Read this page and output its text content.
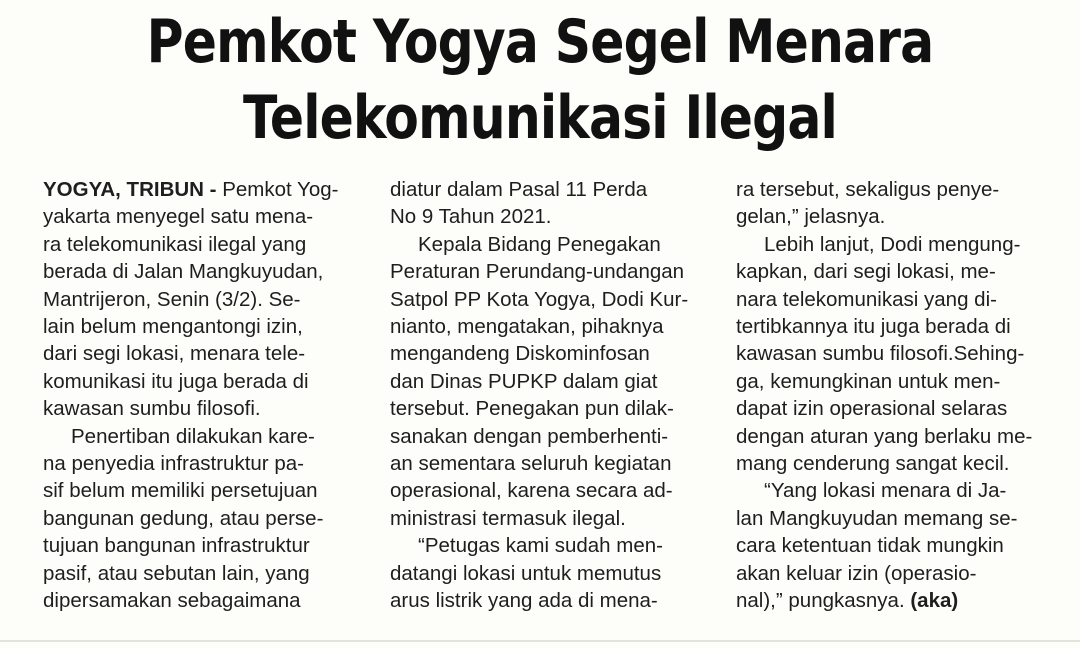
Pemkot Yogya Segel Menara
Telekomunikasi Ilegal

YOGYA, TRIBUN - Pemkot Yog-

yakarta menyegel satu mena-

ra telekomunikasi ilegal yang

berada di Jalan Mangkuyudan,

Mantrijeron, Senin (3/2). Se-

lain belum mengantongi izin,

dari segi lokasi, menara tele-

komunikasi itu juga berada di

kawasan sumbu filosofi.

Penertiban dilakukan kare-

na penyedia infrastruktur pa-

sif belum memiliki persetujuan

bangunan gedung, atau perse-

tujuan bangunan infrastruktur

pasif, atau sebutan lain, yang

dipersamakan sebagaimana

diatur dalam Pasal 11 Perda

No 9 Tahun 2021.

Kepala Bidang Penegakan

Peraturan Perundang-undangan

Satpol PP Kota Yogya, Dodi Kur-

nianto, mengatakan, pihaknya

mengandeng Diskominfosan

dan Dinas PUPKP dalam giat

tersebut. Penegakan pun dilak-

sanakan dengan pemberhenti-

an sementara seluruh kegiatan

operasional, karena secara ad-

ministrasi termasuk ilegal.

“Petugas kami sudah men-

datangi lokasi untuk memutus

arus listrik yang ada di mena-

ra tersebut, sekaligus penye-

gelan,” jelasnya.

Lebih lanjut, Dodi mengung-

kapkan, dari segi lokasi, me-

nara telekomunikasi yang di-

tertibkannya itu juga berada di

kawasan sumbu filosofi.Sehing-

ga, kemungkinan untuk men-

dapat izin operasional selaras

dengan aturan yang berlaku me-

mang cenderung sangat kecil.

“Yang lokasi menara di Ja-

lan Mangkuyudan memang se-

cara ketentuan tidak mungkin

akan keluar izin (operasio-

nal),” pungkasnya. (aka)
